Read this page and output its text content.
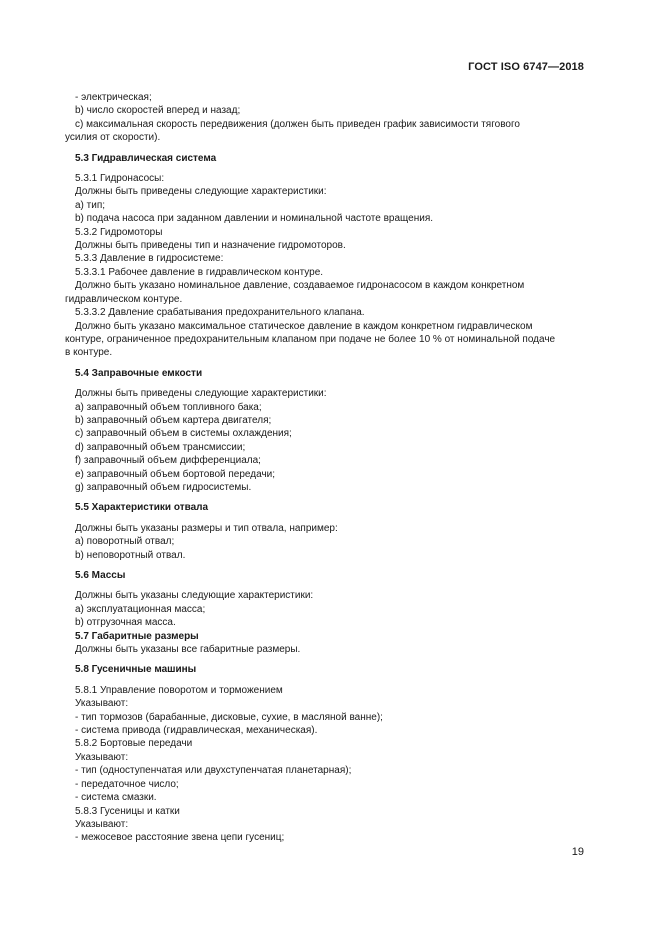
ГОСТ ISO 6747—2018
- электрическая;
b) число скоростей вперед и назад;
c) максимальная скорость передвижения (должен быть приведен график зависимости тягового
усилия от скорости).
5.3 Гидравлическая система
5.3.1 Гидронасосы:
Должны быть приведены следующие характеристики:
а) тип;
b) подача насоса при заданном давлении и номинальной частоте вращения.
5.3.2 Гидромоторы
Должны быть приведены тип и назначение гидромоторов.
5.3.3 Давление в гидросистеме:
5.3.3.1 Рабочее давление в гидравлическом контуре.
Должно быть указано номинальное давление, создаваемое гидронасосом в каждом конкретном
гидравлическом контуре.
5.3.3.2 Давление срабатывания предохранительного клапана.
Должно быть указано максимальное статическое давление в каждом конкретном гидравлическом
контуре, ограниченное предохранительным клапаном при подаче не более 10 % от номинальной подаче
в контуре.
5.4 Заправочные емкости
Должны быть приведены следующие характеристики:
а) заправочный объем топливного бака;
b) заправочный объем картера двигателя;
c) заправочный объем в системы охлаждения;
d) заправочный объем трансмиссии;
f) заправочный объем дифференциала;
e) заправочный объем бортовой передачи;
g) заправочный объем гидросистемы.
5.5 Характеристики отвала
Должны быть указаны размеры и тип отвала, например:
а) поворотный отвал;
b) неповоротный отвал.
5.6 Массы
Должны быть указаны следующие характеристики:
а) эксплуатационная масса;
b) отгрузочная масса.
5.7 Габаритные размеры
Должны быть указаны все габаритные размеры.
5.8 Гусеничные машины
5.8.1 Управление поворотом и торможением
Указывают:
- тип тормозов (барабанные, дисковые, сухие, в масляной ванне);
- система привода (гидравлическая, механическая).
5.8.2 Бортовые передачи
Указывают:
- тип (одноступенчатая или двухступенчатая планетарная);
- передаточное число;
- система смазки.
5.8.3 Гусеницы и катки
Указывают:
- межосевое расстояние звена цепи гусениц;
19
